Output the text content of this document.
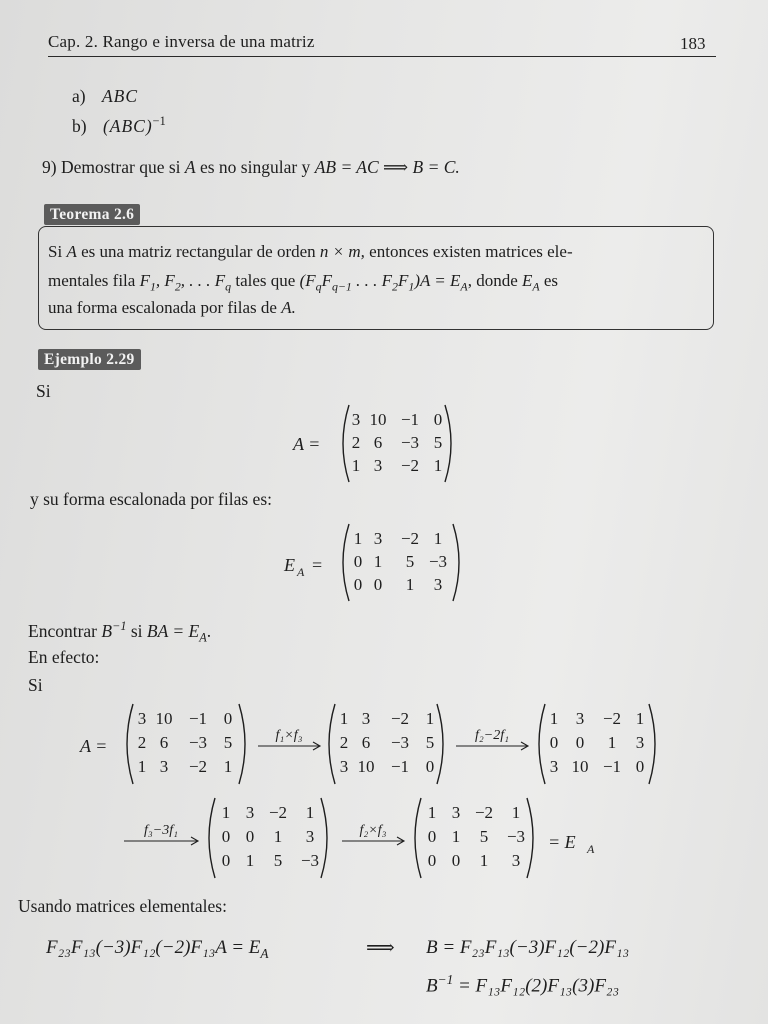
Cap. 2. Rango e inversa de una matriz	183
a) ABC
b) (ABC)$^{-1}$
9) Demostrar que si A es no singular y AB = AC ⟹ B = C.
Teorema 2.6
Si A es una matriz rectangular de orden n × m, entonces existen matrices ele-
mentales fila $F_1$, $F_2$, . . . $F_q$ tales que ($F_qF_{q-1}$ . . . $F_2F_1)A = E_A$, donde $E_A$ es
una forma escalonada por filas de A.
Ejemplo 2.29
Si
y su forma escalonada por filas es:
Encontrar $B^{-1}$ si BA = $E_A$.
En efecto:
Si
Usando matrices elementales:
A =
3 10 −1 0
2 6 −3 5
1 3 −2 1
E A =
1 3 −2 1
0 1 5 −3
0 0 1 3
A =
3 10 −1 0
2 6 −3 5
1 3 −2 1
f₁×f₃
1 3 −2 1
2 6 −3 5
3 10 −1 0
f₂−2f₁
1 3 −2 1
0 0 1 3
3 10 −1 0
f₃−3f₁
1 3 −2 1
0 0 1 3
0 1 5 −3
f₂×f₃
1 3 −2 1
0 1 5 −3
0 0 1 3
= E A
$F_{23}F_{13}(-3)F_{12}(-2)F_{13}A = E_A$	⟹ B = F₂₃F₁₃(−3)F₁₂(−2)F₁₃
$B^{-1} = F_{13}F_{12}(2)F_{13}(3)F_{23}$
